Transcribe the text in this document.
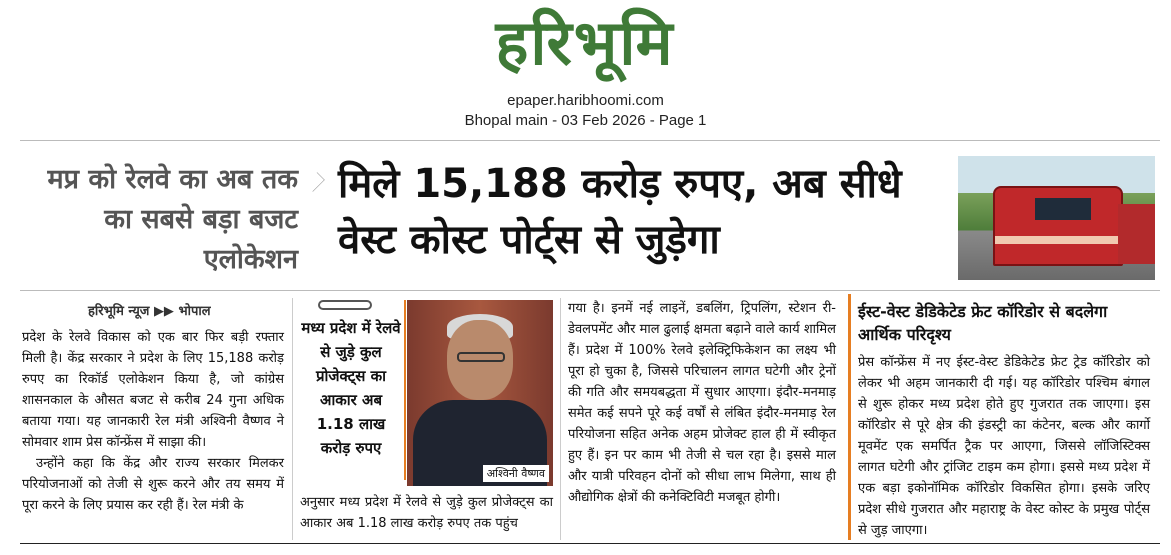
हरिभूमि
epaper.haribhoomi.com
Bhopal main - 03 Feb 2026 - Page 1
मप्र को रेलवे का अब तक का सबसे बड़ा बजट एलोकेशन
मिले 15,188 करोड़ रुपए, अब सीधे वेस्ट कोस्ट पोर्ट्स से जुड़ेगा
हरिभूमि न्यूज ▶▶ भोपाल

प्रदेश के रेलवे विकास को एक बार फिर बड़ी रफ्तार मिली है। केंद्र सरकार ने प्रदेश के लिए 15,188 करोड़ रुपए का रिकॉर्ड एलोकेशन किया है, जो कांग्रेस शासनकाल के औसत बजट से करीब 24 गुना अधिक बताया गया। यह जानकारी रेल मंत्री अश्विनी वैष्णव ने सोमवार शाम प्रेस कॉन्फ्रेंस में साझा की।

उन्होंने कहा कि केंद्र और राज्य सरकार मिलकर परियोजनाओं को तेजी से शुरू करने और तय समय में पूरा करने के लिए प्रयास कर रही हैं। रेल मंत्री के

मध्य प्रदेश में रेलवे से जुड़े कुल प्रोजेक्ट्स का आकार अब 1.18 लाख करोड़ रुपए
अश्विनी वैष्णव
अनुसार मध्य प्रदेश में रेलवे से जुड़े कुल प्रोजेक्ट्स का आकार अब 1.18 लाख करोड़ रुपए तक पहुंच
गया है। इनमें नई लाइनें, डबलिंग, ट्रिपलिंग, स्टेशन री-डेवलपमेंट और माल ढुलाई क्षमता बढ़ाने वाले कार्य शामिल हैं। प्रदेश में 100% रेलवे इलेक्ट्रिफिकेशन का लक्ष्य भी पूरा हो चुका है, जिससे परिचालन लागत घटेगी और ट्रेनों की गति और समयबद्धता में सुधार आएगा। इंदौर-मनमाड़ समेत कई सपने पूरे कई वर्षों से लंबित इंदौर-मनमाड़ रेल परियोजना सहित अनेक अहम प्रोजेक्ट हाल ही में स्वीकृत हुए हैं। इन पर काम भी तेजी से चल रहा है। इससे माल और यात्री परिवहन दोनों को सीधा लाभ मिलेगा, साथ ही औद्योगिक क्षेत्रों की कनेक्टिविटी मजबूत होगी।
ईस्ट-वेस्ट डेडिकेटेड फ्रेट कॉरिडोर से बदलेगा आर्थिक परिदृश्य
प्रेस कॉन्फ्रेंस में नए ईस्ट-वेस्ट डेडिकेटेड फ्रेट ट्रेड कॉरिडोर को लेकर भी अहम जानकारी दी गई। यह कॉरिडोर पश्चिम बंगाल से शुरू होकर मध्य प्रदेश होते हुए गुजरात तक जाएगा। इस कॉरिडोर से पूरे क्षेत्र की इंडस्ट्री का कंटेनर, बल्क और कार्गो मूवमेंट एक समर्पित ट्रैक पर आएगा, जिससे लॉजिस्टिक्स लागत घटेगी और ट्रांजिट टाइम कम होगा। इससे मध्य प्रदेश में एक बड़ा इकोनॉमिक कॉरिडोर विकसित होगा। इसके जरिए प्रदेश सीधे गुजरात और महाराष्ट्र के वेस्ट कोस्ट के प्रमुख पोर्ट्स से जुड़ जाएगा।
